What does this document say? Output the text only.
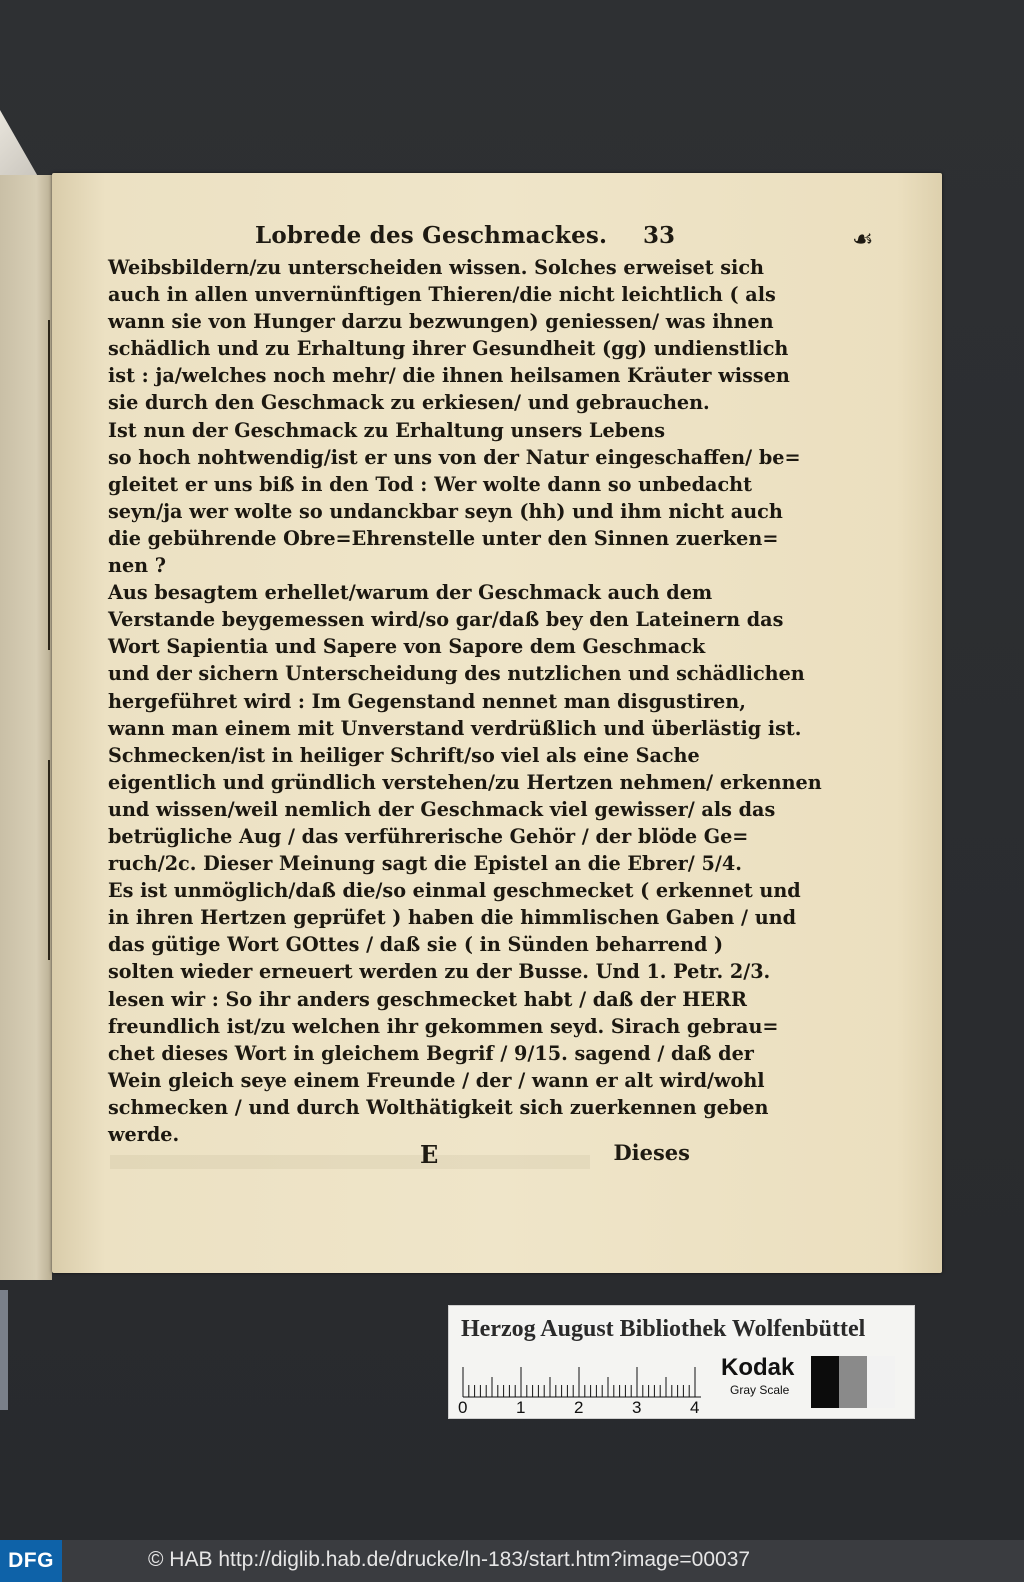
Lobrede des Geschmackes. 33	☙
Weibsbildern/zu unterscheiden wissen. Solches erweiset sich
auch in allen unvernünftigen Thieren/die nicht leichtlich ( als
wann sie von Hunger darzu bezwungen) geniessen/ was ihnen
schädlich und zu Erhaltung ihrer Gesundheit (gg) undienstlich
ist : ja/welches noch mehr/ die ihnen heilsamen Kräuter wissen
sie durch den Geschmack zu erkiesen/ und gebrauchen.
Ist nun der Geschmack zu Erhaltung unsers Lebens
so hoch nohtwendig/ist er uns von der Natur eingeschaffen/ be=
gleitet er uns biß in den Tod : Wer wolte dann so unbedacht
seyn/ja wer wolte so undanckbar seyn (hh) und ihm nicht auch
die gebührende Obre=Ehrenstelle unter den Sinnen zuerken=
nen ?
Aus besagtem erhellet/warum der Geschmack auch dem
Verstande beygemessen wird/so gar/daß bey den Lateinern das
Wort Sapientia und Sapere von Sapore dem Geschmack
und der sichern Unterscheidung des nutzlichen und schädlichen
hergeführet wird : Im Gegenstand nennet man disgustiren,
wann man einem mit Unverstand verdrüßlich und überlästig ist.
Schmecken/ist in heiliger Schrift/so viel als eine Sache
eigentlich und gründlich verstehen/zu Hertzen nehmen/ erkennen
und wissen/weil nemlich der Geschmack viel gewisser/ als das
betrügliche Aug / das verführerische Gehör / der blöde Ge=
ruch/2c. Dieser Meinung sagt die Epistel an die Ebrer/ 5/4.
Es ist unmöglich/daß die/so einmal geschmecket ( erkennet und
in ihren Hertzen geprüfet ) haben die himmlischen Gaben / und
das gütige Wort GOttes / daß sie ( in Sünden beharrend )
solten wieder erneuert werden zu der Busse. Und 1. Petr. 2/3.
lesen wir : So ihr anders geschmecket habt / daß der HERR
freundlich ist/zu welchen ihr gekommen seyd. Sirach gebrau=
chet dieses Wort in gleichem Begrif / 9/15. sagend / daß der
Wein gleich seye einem Freunde / der / wann er alt wird/wohl
schmecken / und durch Wolthätigkeit sich zuerkennen geben
werde.
E	Dieses
Herzog August Bibliothek Wolfenbüttel
0	1	2	3	4
Kodak
Gray Scale
DFG	© HAB http://diglib.hab.de/drucke/ln-183/start.htm?image=00037
